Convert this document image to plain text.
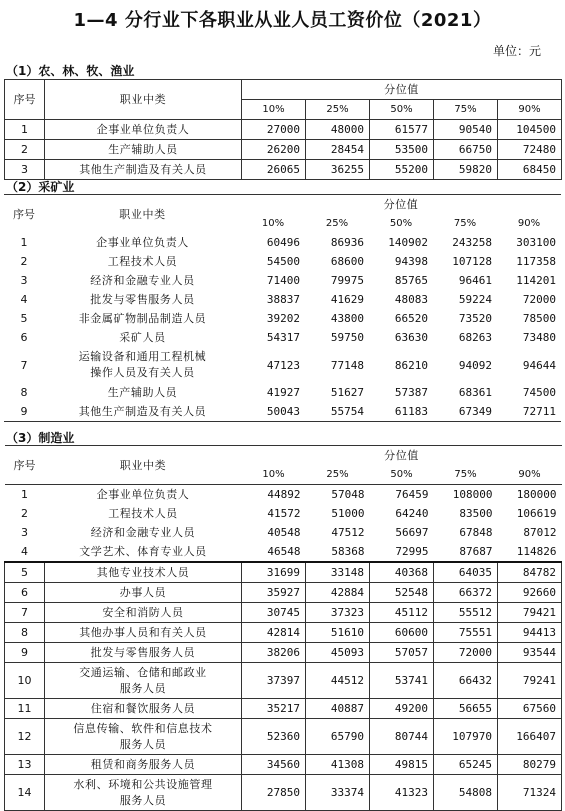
1—4 分行业下各职业从业人员工资价位（2021）
单位：元
（1）农、林、牧、渔业
序号	职业中类	分位值				
		10%	25%	50%	75%	90%
1	企事业单位负责人	27000	48000	61577	90540	104500
2	生产辅助人员	26200	28454	53500	66750	72480
3	其他生产制造及有关人员	26065	36255	55200	59820	68450
（2）采矿业
序号	职业中类	分位值				
		10%	25%	50%	75%	90%
1	企事业单位负责人	60496	86936	140902	243258	303100
2	工程技术人员	54500	68600	94398	107128	117358
3	经济和金融专业人员	71400	79975	85765	96461	114201
4	批发与零售服务人员	38837	41629	48083	59224	72000
5	非金属矿物制品制造人员	39202	43800	66520	73520	78500
6	采矿人员	54317	59750	63630	68263	73480
7	运输设备和通用工程机械
操作人员及有关人员	47123	77148	86210	94092	94644
8	生产辅助人员	41927	51627	57387	68361	74500
9	其他生产制造及有关人员	50043	55754	61183	67349	72711
（3）制造业
序号	职业中类	分位值				
		10%	25%	50%	75%	90%
1	企事业单位负责人	44892	57048	76459	108000	180000
2	工程技术人员	41572	51000	64240	83500	106619
3	经济和金融专业人员	40548	47512	56697	67848	87012
4	文学艺术、体育专业人员	46548	58368	72995	87687	114826
5	其他专业技术人员	31699	33148	40368	64035	84782
6	办事人员	35927	42884	52548	66372	92660
7	安全和消防人员	30745	37323	45112	55512	79421
8	其他办事人员和有关人员	42814	51610	60600	75551	94413
9	批发与零售服务人员	38206	45093	57057	72000	93544
10	交通运输、仓储和邮政业
服务人员	37397	44512	53741	66432	79241
11	住宿和餐饮服务人员	35217	40887	49200	56655	67560
12	信息传输、软件和信息技术
服务人员	52360	65790	80744	107970	166407
13	租赁和商务服务人员	34560	41308	49815	65245	80279
14	水利、环境和公共设施管理
服务人员	27850	33374	41323	54808	71324
